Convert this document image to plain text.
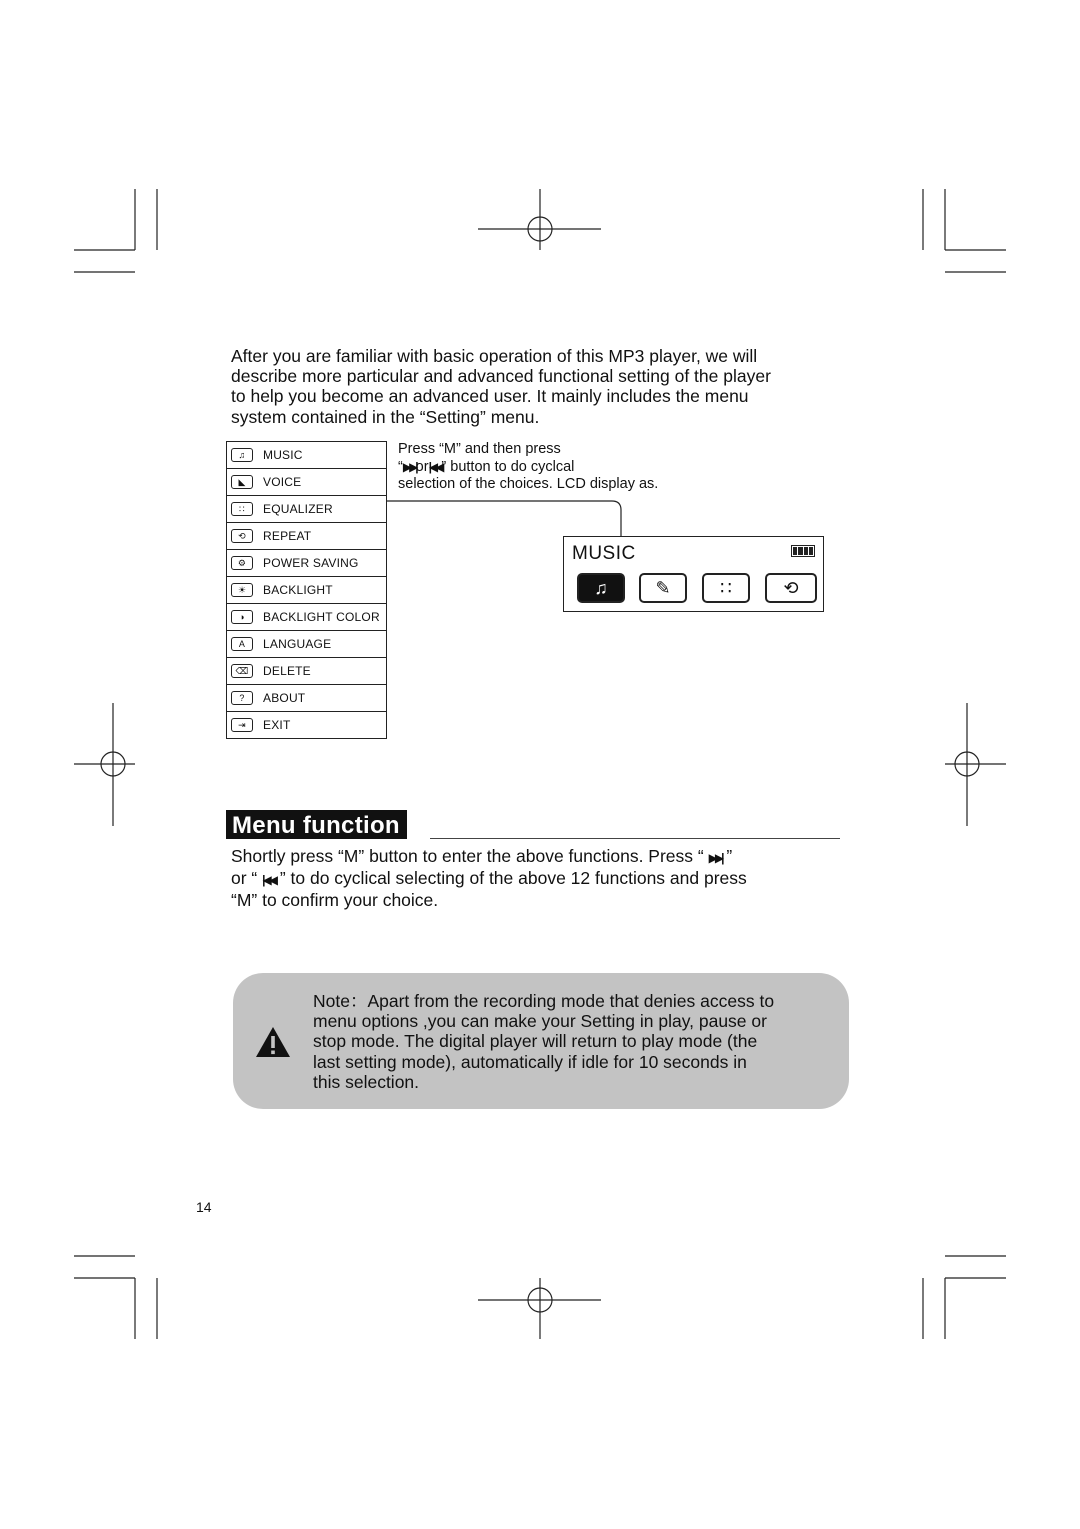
After you are familiar with basic operation of this MP3 player, we will

describe more particular and advanced functional setting of the player

to help you become an advanced user. It mainly includes the menu

system contained in the “Setting” menu.

♫	MUSIC
◣	VOICE
∷	EQUALIZER
⟲	REPEAT
⚙	POWER SAVING
☀	BACKLIGHT
◑	BACKLIGHT COLOR
A	LANGUAGE
⌫	DELETE
?	ABOUT
⇥	EXIT

Press “M” and then press

“▶▶|or|◀◀” button to do cyclcal

selection of the choices. LCD display as.

MUSIC
♫	✎	∷	⟲
Menu function

Shortly press “M” button to enter the above functions. Press “ ▶▶| ”

or “ |◀◀ ” to do cyclical selecting of the above 12 functions and press

“M” to confirm your choice.

Note：Apart from the recording mode that denies access to

menu options ,you can make your Setting in play, pause or

stop mode. The digital player will return to play mode (the

last setting mode), automatically if idle for 10 seconds in

this selection.

14
